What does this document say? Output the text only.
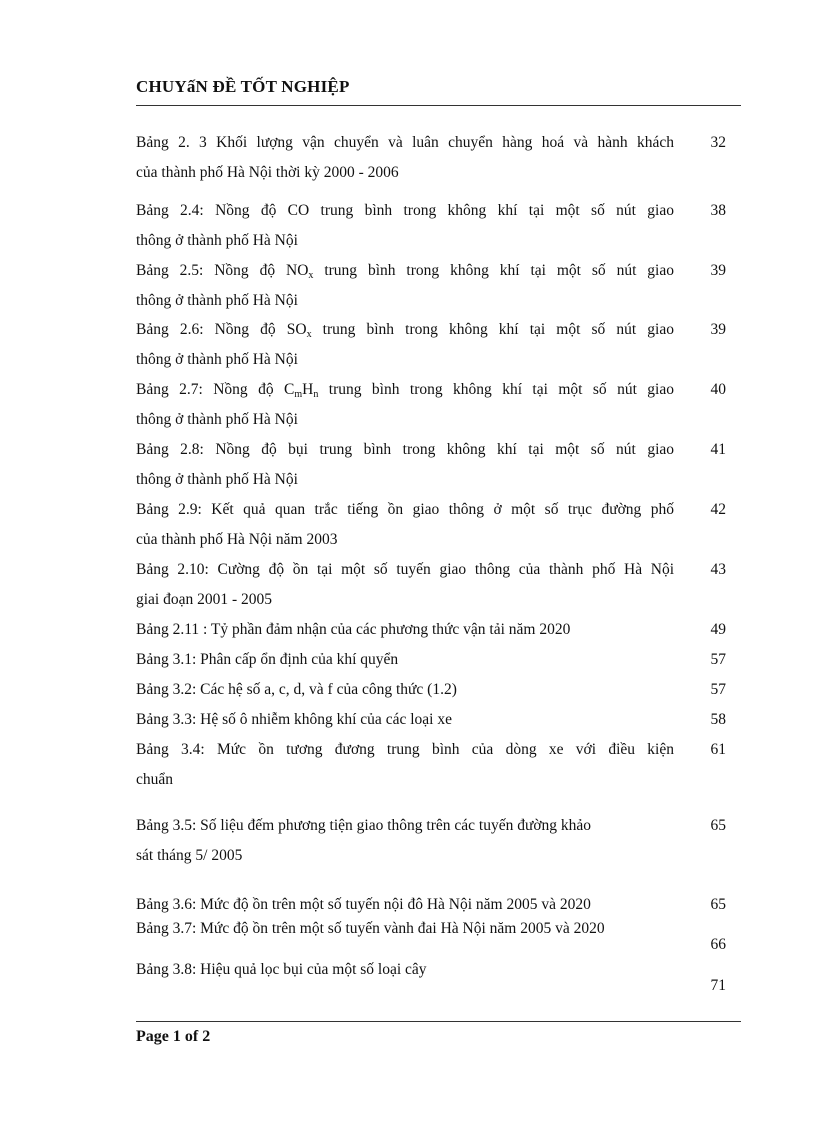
CHUYấN ĐỀ TỐT NGHIỆP
Bảng 2. 3 Khối lượng vận chuyển và luân chuyển hàng hoá và hành khách	32
của thành phố Hà Nội thời kỳ 2000 - 2006
Bảng 2.4: Nồng độ CO trung bình trong không khí tại một số nút giao	38
thông ở thành phố Hà Nội
Bảng 2.5: Nồng độ $NO_x$ trung bình trong không khí tại một số nút giao	39
thông ở thành phố Hà Nội
Bảng 2.6: Nồng độ $SO_x$ trung bình trong không khí tại một số nút giao	39
thông ở thành phố Hà Nội
Bảng 2.7: Nồng độ $C_mH_n$ trung bình trong không khí tại một số nút giao	40
thông ở thành phố Hà Nội
Bảng 2.8: Nồng độ bụi trung bình trong không khí tại một số nút giao	41
thông ở thành phố Hà Nội
Bảng 2.9: Kết quả quan trắc tiếng ồn giao thông ở một số trục đường phố	42
của thành phố Hà Nội năm 2003
Bảng 2.10: Cường độ ồn tại một số tuyến giao thông của thành phố Hà Nội	43
giai đoạn 2001 - 2005
Bảng 2.11 : Tỷ phần đảm nhận của các phương thức vận tải năm 2020	49
Bảng 3.1: Phân cấp ổn định của khí quyển	57
Bảng 3.2: Các hệ số a, c, d, và f của công thức (1.2)	57
Bảng 3.3: Hệ số ô nhiễm không khí của các loại xe	58
Bảng 3.4: Mức ồn tương đương trung bình của dòng xe với điều kiện	61
chuẩn
Bảng 3.5: Số liệu đếm phương tiện giao thông trên các tuyến đường khảo	65
sát tháng 5/ 2005
Bảng 3.6: Mức độ ồn trên một số tuyến nội đô Hà Nội năm 2005 và 2020	65
Bảng 3.7: Mức độ ồn trên một số tuyến vành đai Hà Nội năm 2005 và 2020
66
Bảng 3.8: Hiệu quả lọc bụi của một số loại cây
71
Page 1 of 2
